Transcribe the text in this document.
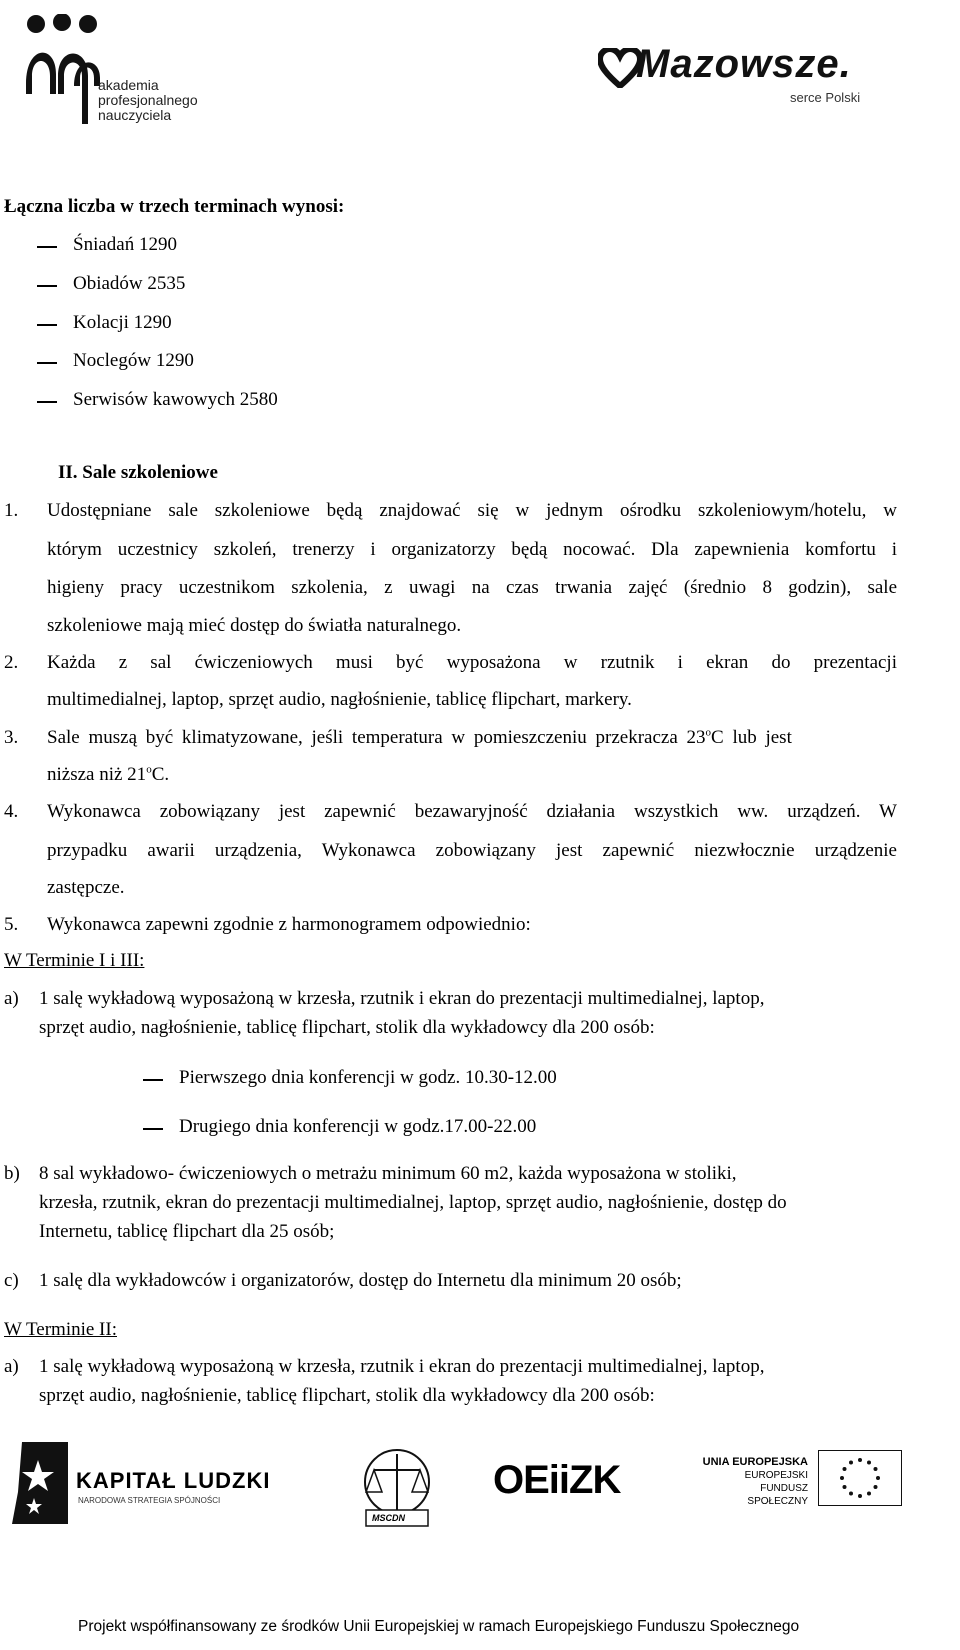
akademia
profesjonalnego
nauczyciela
Mazowsze.
serce Polski
Łączna liczba w trzech terminach wynosi:
Śniadań 1290
Obiadów 2535
Kolacji 1290
Noclegów 1290
Serwisów kawowych 2580
II. Sale szkoleniowe
1. Udostępniane sale szkoleniowe będą znajdować się w jednym ośrodku szkoleniowym/hotelu, w
którym uczestnicy szkoleń, trenerzy i organizatorzy będą nocować. Dla zapewnienia komfortu i
higieny pracy uczestnikom szkolenia, z uwagi na czas trwania zajęć (średnio 8 godzin), sale
szkoleniowe mają mieć dostęp do światła naturalnego.
2. Każda z sal ćwiczeniowych musi być wyposażona w rzutnik i ekran do prezentacji
multimedialnej, laptop, sprzęt audio, nagłośnienie, tablicę flipchart, markery.
3. Sale muszą być klimatyzowane, jeśli temperatura w pomieszczeniu przekracza 23$^o$C lub jest
niższa niż 21$^o$C.
4. Wykonawca zobowiązany jest zapewnić bezawaryjność działania wszystkich ww. urządzeń. W
przypadku awarii urządzenia, Wykonawca zobowiązany jest zapewnić niezwłocznie urządzenie
zastępcze.
5. Wykonawca zapewni zgodnie z harmonogramem odpowiednio:
W Terminie I i III:
a) 1 salę wykładową wyposażoną w krzesła, rzutnik i ekran do prezentacji multimedialnej, laptop,
sprzęt audio, nagłośnienie, tablicę flipchart, stolik dla wykładowcy dla 200 osób:
Pierwszego dnia konferencji w godz. 10.30-12.00
Drugiego dnia konferencji w godz.17.00-22.00
b) 8 sal wykładowo- ćwiczeniowych o metrażu minimum 60 m2, każda wyposażona w stoliki,
krzesła, rzutnik, ekran do prezentacji multimedialnej, laptop, sprzęt audio, nagłośnienie, dostęp do
Internetu, tablicę flipchart dla 25 osób;
c) 1 salę dla wykładowców i organizatorów, dostęp do Internetu dla minimum 20 osób;
W Terminie II:
a) 1 salę wykładową wyposażoną w krzesła, rzutnik i ekran do prezentacji multimedialnej, laptop,
sprzęt audio, nagłośnienie, tablicę flipchart, stolik dla wykładowcy dla 200 osób:
KAPITAŁ LUDZKI
NARODOWA STRATEGIA SPÓJNOŚCI
MSCDN
OEiiZK	UNIA EUROPEJSKA
EUROPEJSKI
FUNDUSZ SPOŁECZNY
Projekt współfinansowany ze środków Unii Europejskiej w ramach Europejskiego Funduszu Społecznego
